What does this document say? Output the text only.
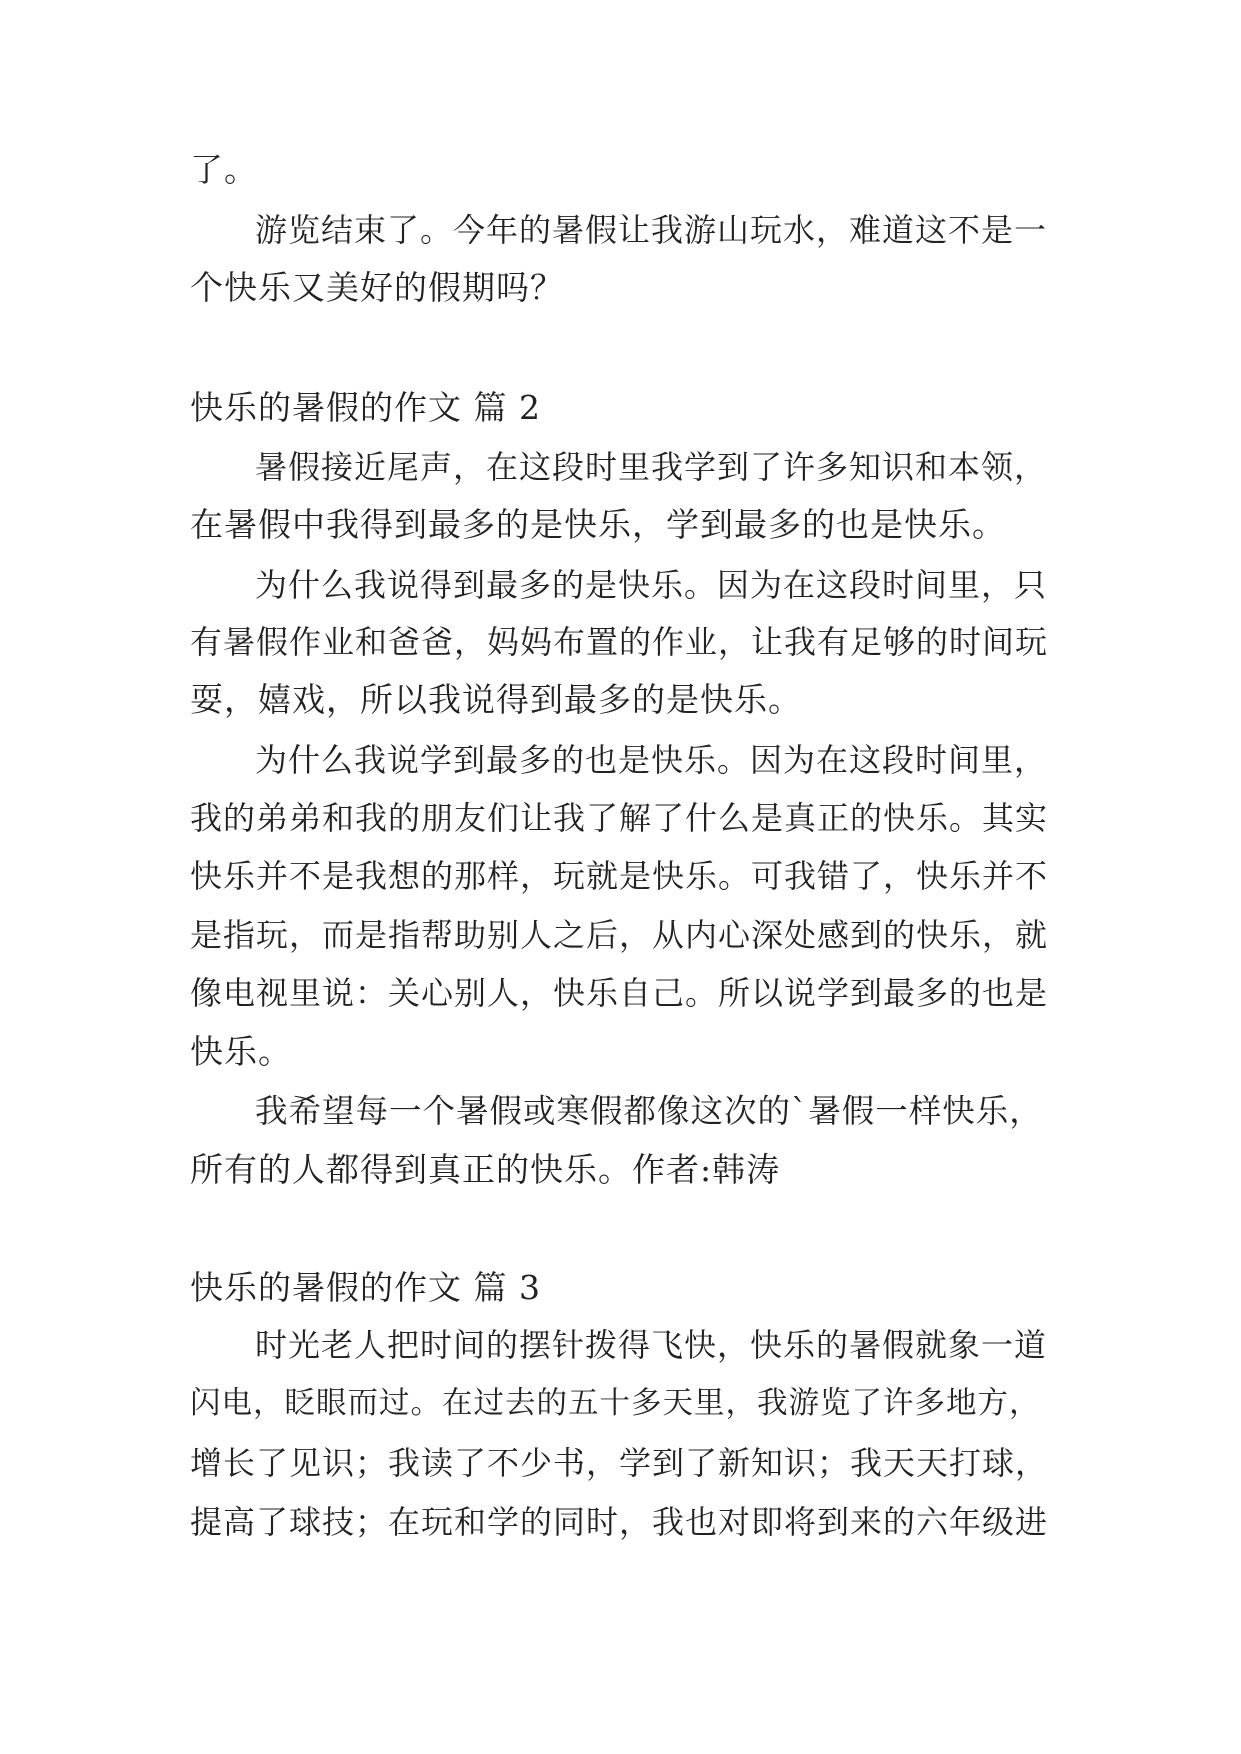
了。
游览结束了。今年的暑假让我游山玩水，难道这不是一
个快乐又美好的假期吗？
快乐的暑假的作文 篇 2
暑假接近尾声，在这段时里我学到了许多知识和本领，
在暑假中我得到最多的是快乐，学到最多的也是快乐。
为什么我说得到最多的是快乐。因为在这段时间里，只
有暑假作业和爸爸，妈妈布置的作业，让我有足够的时间玩
耍，嬉戏，所以我说得到最多的是快乐。
为什么我说学到最多的也是快乐。因为在这段时间里，
我的弟弟和我的朋友们让我了解了什么是真正的快乐。其实
快乐并不是我想的那样，玩就是快乐。可我错了，快乐并不
是指玩，而是指帮助别人之后，从内心深处感到的快乐，就
像电视里说：关心别人，快乐自己。所以说学到最多的也是
快乐。
我希望每一个暑假或寒假都像这次的`暑假一样快乐，
所有的人都得到真正的快乐。作者:韩涛
快乐的暑假的作文 篇 3
时光老人把时间的摆针拨得飞快，快乐的暑假就象一道
闪电，眨眼而过。在过去的五十多天里，我游览了许多地方，
增长了见识；我读了不少书，学到了新知识；我天天打球，
提高了球技；在玩和学的同时，我也对即将到来的六年级进
